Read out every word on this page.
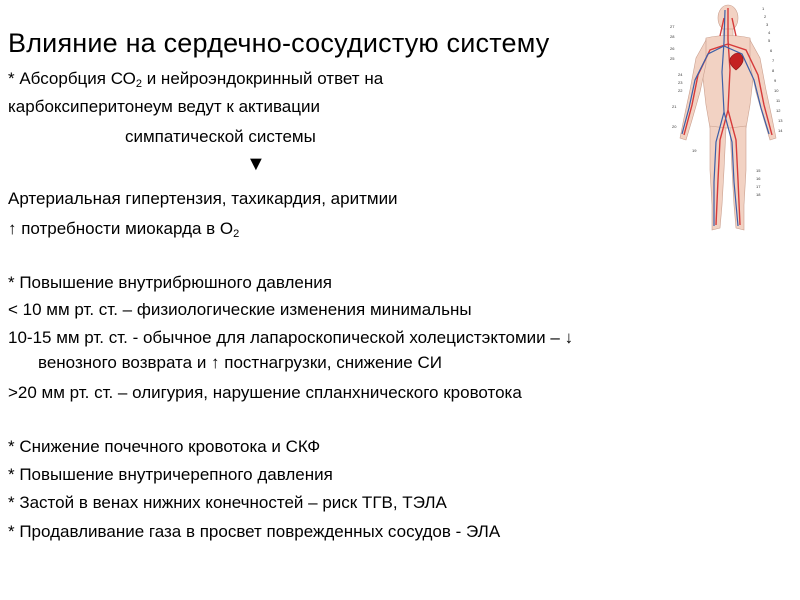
Влияние на сердечно-сосудистую систему
* Абсорбция $СО_2$ и нейроэндокринный ответ на
карбоксиперитонеум ведут к активации
симпатической системы
▼
Артериальная гипертензия, тахикардия, аритмии
↑ потребности миокарда в $О_2$
* Повышение внутрибрюшного давления
< 10 мм рт. ст. – физиологические изменения минимальны
10-15 мм рт. ст. - обычное для лапароскопической холецистэктомии – ↓
венозного возврата и ↑ постнагрузки, снижение СИ
>20 мм рт. ст. – олигурия, нарушение спланхнического кровотока
* Снижение почечного кровотока и СКФ
* Повышение внутричерепного давления
* Застой в венах нижних конечностей – риск ТГВ, ТЭЛА
* Продавливание газа в просвет поврежденных сосудов - ЭЛА
27
28
26
25
24
23
22
21
20
19
1
2
3
4
5
6
7
8
9
10
11
12
13
14
15
16
17
18
